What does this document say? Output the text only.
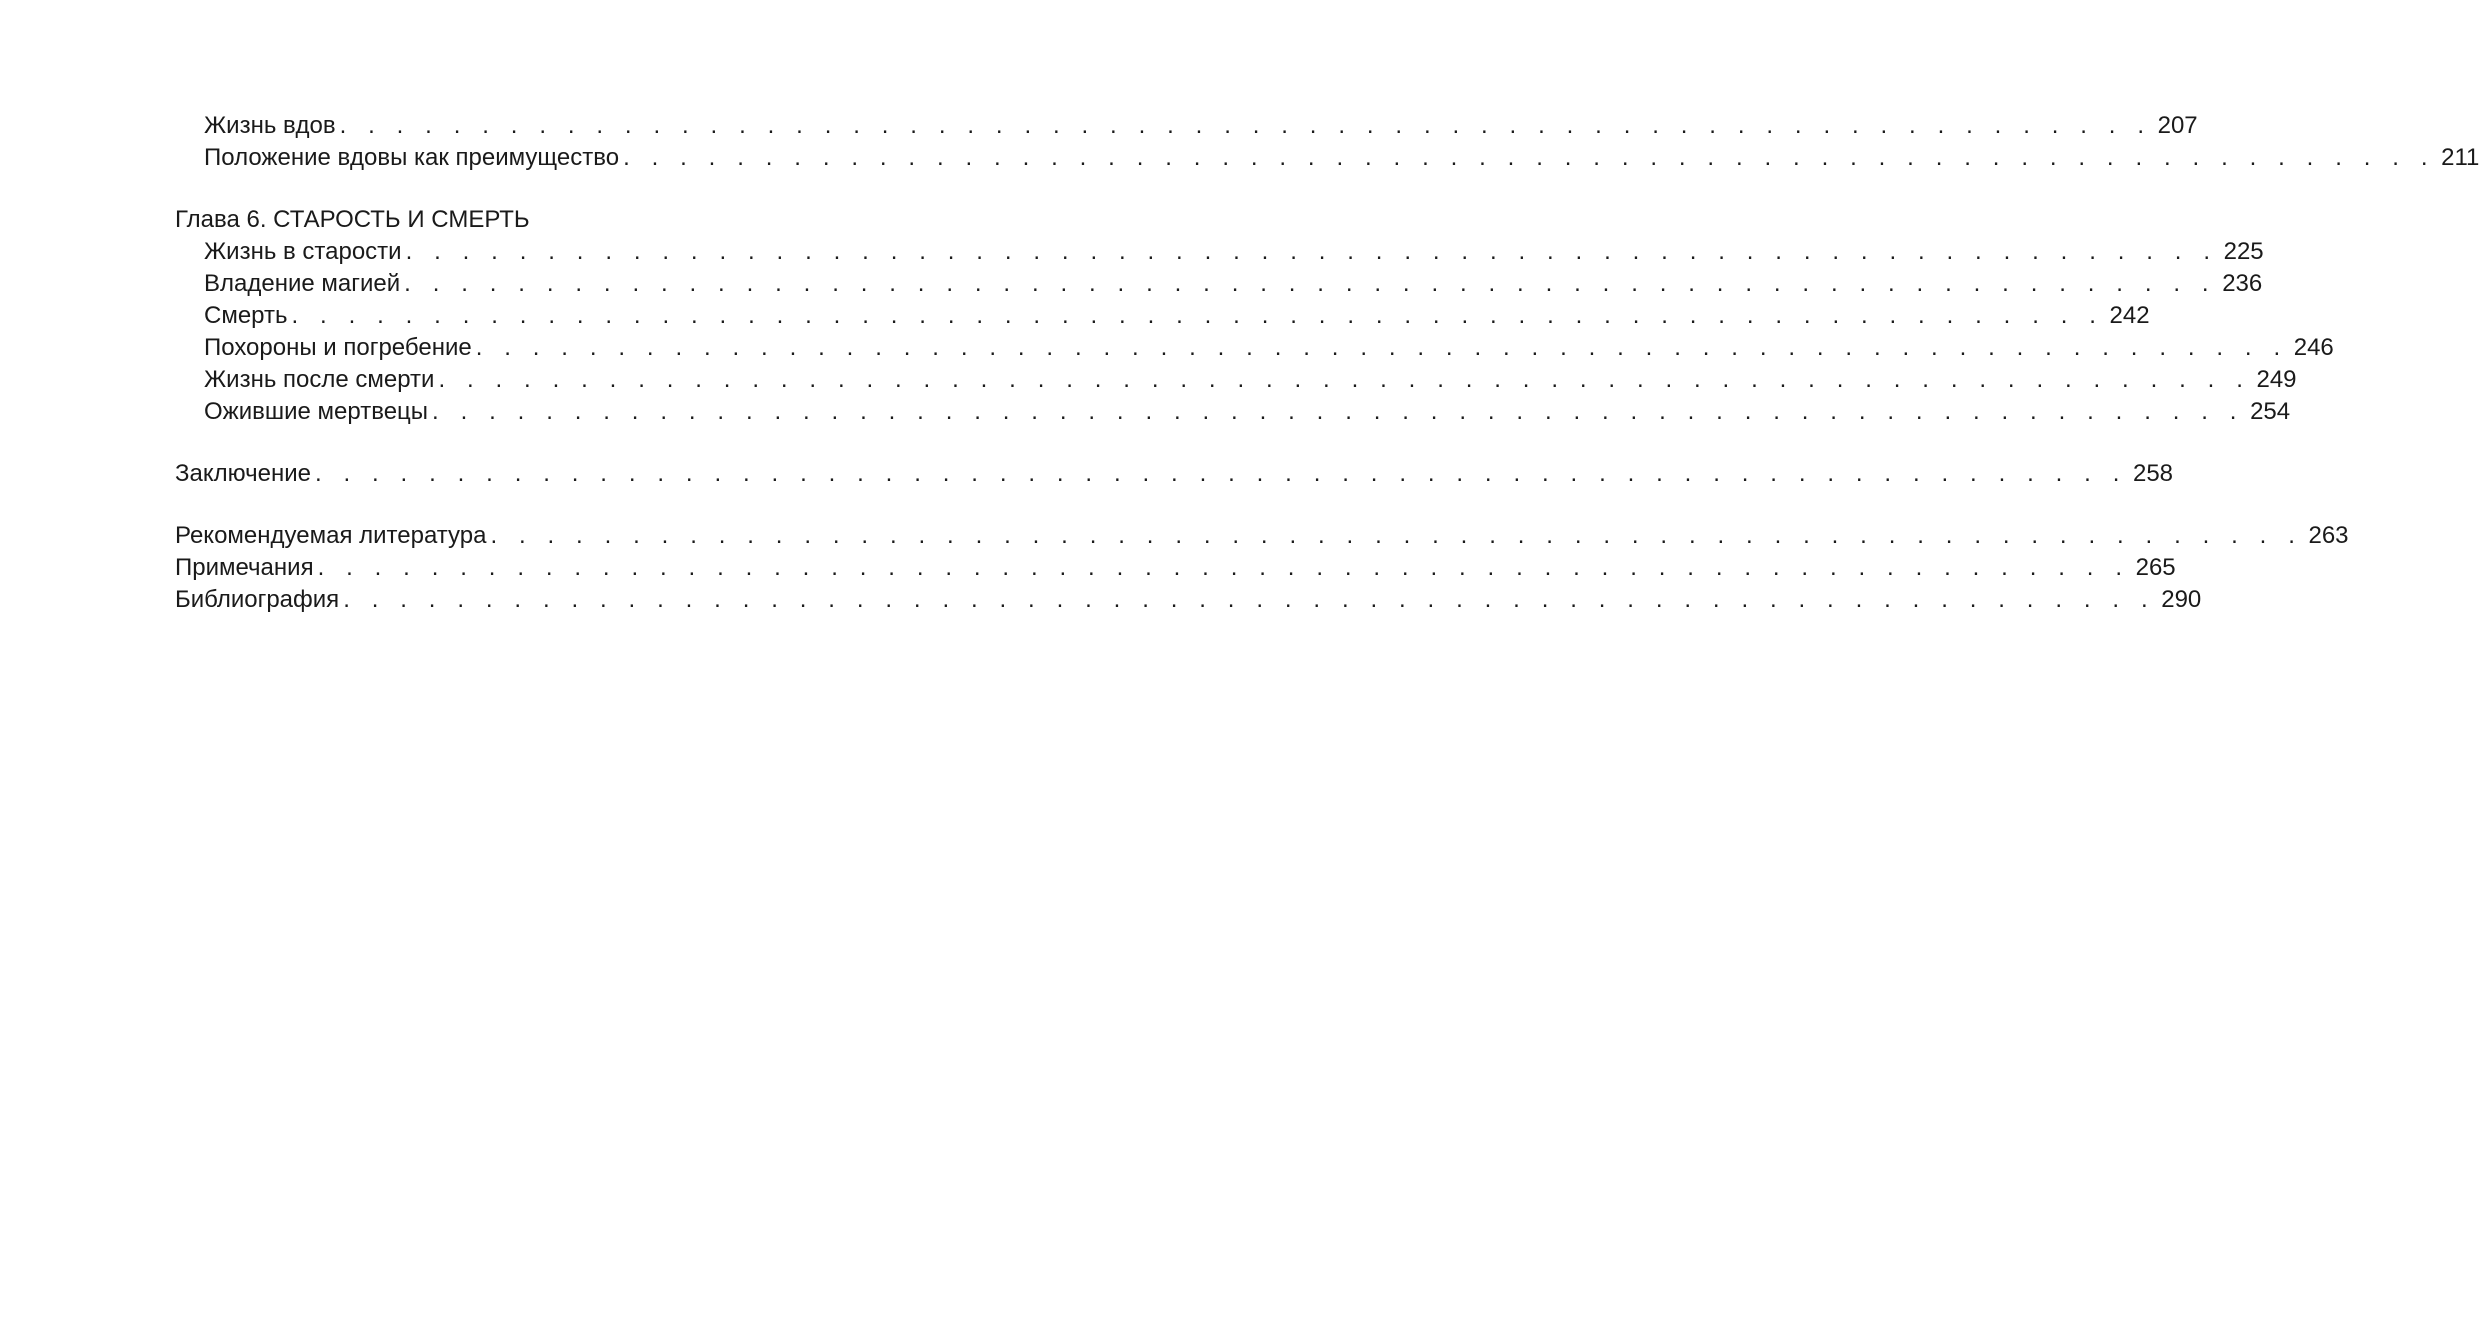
Жизнь вдов . . . . . . . . . . . . . . . . . . . . . . . . . . . . . . . . . . . . . . . . . . . . . . . . . . . . . . . . . . . . . . . . 207
Положение вдовы как преимущество . . . . . . . . . . . . . . . . . . . . . . . . . . . . . . . . . . . . . . . . . . . . . . . . . . . . . . . . . . . . . . . . 211
Глава 6. СТАРОСТЬ И СМЕРТЬ
Жизнь в старости . . . . . . . . . . . . . . . . . . . . . . . . . . . . . . . . . . . . . . . . . . . . . . . . . . . . . . . . . . . . . . . . 225
Владение магией . . . . . . . . . . . . . . . . . . . . . . . . . . . . . . . . . . . . . . . . . . . . . . . . . . . . . . . . . . . . . . . . 236
Смерть . . . . . . . . . . . . . . . . . . . . . . . . . . . . . . . . . . . . . . . . . . . . . . . . . . . . . . . . . . . . . . . . 242
Похороны и погребение . . . . . . . . . . . . . . . . . . . . . . . . . . . . . . . . . . . . . . . . . . . . . . . . . . . . . . . . . . . . . . . . 246
Жизнь после смерти . . . . . . . . . . . . . . . . . . . . . . . . . . . . . . . . . . . . . . . . . . . . . . . . . . . . . . . . . . . . . . . . 249
Ожившие мертвецы . . . . . . . . . . . . . . . . . . . . . . . . . . . . . . . . . . . . . . . . . . . . . . . . . . . . . . . . . . . . . . . . 254
Заключение . . . . . . . . . . . . . . . . . . . . . . . . . . . . . . . . . . . . . . . . . . . . . . . . . . . . . . . . . . . . . . . . 258
Рекомендуемая литература . . . . . . . . . . . . . . . . . . . . . . . . . . . . . . . . . . . . . . . . . . . . . . . . . . . . . . . . . . . . . . . . 263
Примечания . . . . . . . . . . . . . . . . . . . . . . . . . . . . . . . . . . . . . . . . . . . . . . . . . . . . . . . . . . . . . . . . 265
Библиография . . . . . . . . . . . . . . . . . . . . . . . . . . . . . . . . . . . . . . . . . . . . . . . . . . . . . . . . . . . . . . . . 290
